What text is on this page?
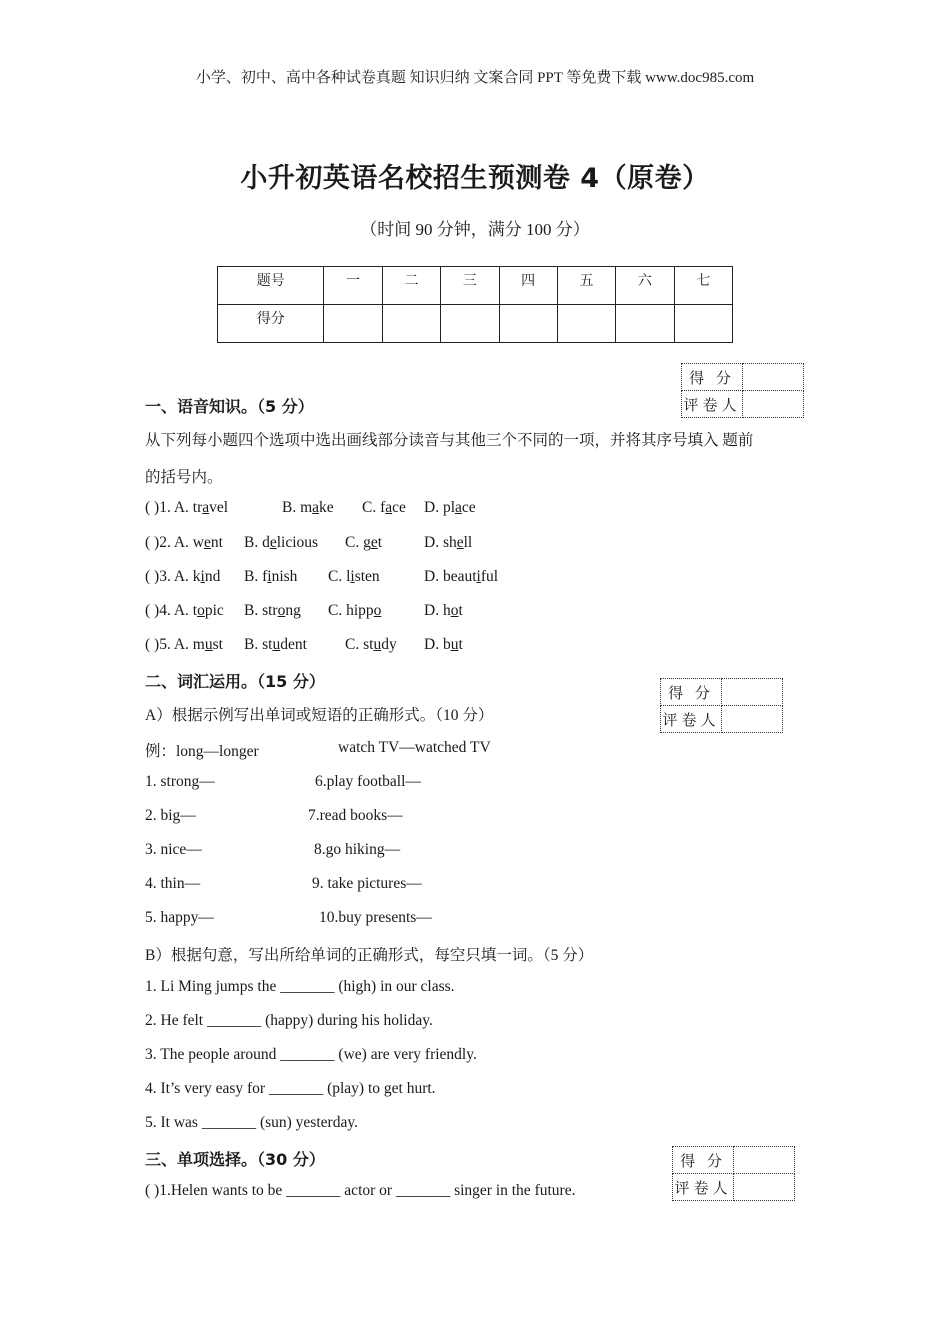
小学、初中、高中各种试卷真题 知识归纳 文案合同 PPT 等免费下载 www.doc985.com
小升初英语名校招生预测卷 4（原卷）
（时间 90 分钟，满分 100 分）
题号	一	二	三	四	五	六	七
得分							
得 分	
评卷人	
一、语音知识。（5 分）
从下列每小题四个选项中选出画线部分读音与其他三个不同的一项，并将其序号填入 题前
的括号内。
( )1. A. travel	B. make C. face D. place
( )2. A. went B. delicious C. get	D. shell
( )3. A. kind B. finish C. listen	D. beautiful
( )4. A. topic B. strong C. hippo	D. hot
( )5. A. must B. student C. study D. but
二、词汇运用。（15 分）
得 分	
评卷人	
A）根据示例写出单词或短语的正确形式。（10 分）
例：long—longer	watch TV—watched TV
1. strong—	6.play football—
2. big—	7.read books—
3. nice—	8.go hiking—
4. thin—	9. take pictures—
5. happy—	10.buy presents—
B）根据句意，写出所给单词的正确形式，每空只填一词。（5 分）
1. Li Ming jumps the _______ (high) in our class.
2. He felt _______ (happy) during his holiday.
3. The people around _______ (we) are very friendly.
4. It’s very easy for _______ (play) to get hurt.
5. It was _______ (sun) yesterday.
三、单项选择。（30 分）	得 分	
评卷人	
( )1.Helen wants to be _______ actor or _______ singer in the future.
